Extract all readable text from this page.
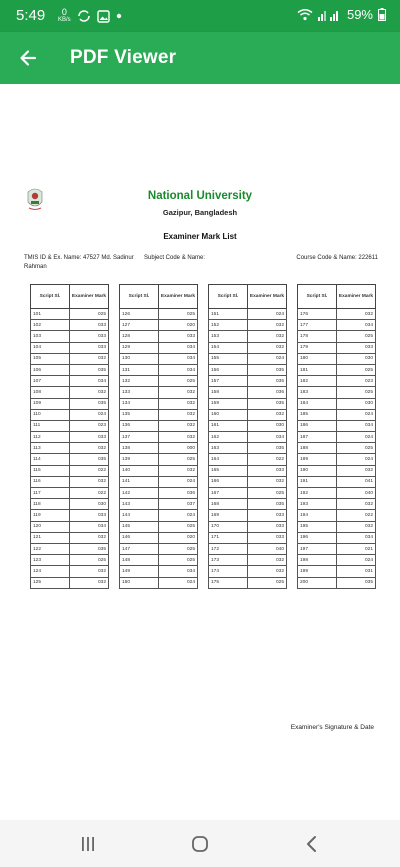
5:49 0
KB/s	59%
PDF Viewer
National University
Gazipur, Bangladesh
Examiner Mark List
TMIS ID & Ex. Name: 47527 Md. Sadinur Rahman
Subject Code & Name:	Course Code & Name: 222611
Script Sl.	Examiner Mark
101	025
102	033
103	033
104	033
105	032
106	035
107	034
108	032
109	035
110	024
111	023
112	033
113	032
114	035
115	022
116	032
117	022
118	030
119	033
120	034
121	032
122	035
123	025
124	032
125	032
Script Sl.	Examiner Mark
126	025
127	020
128	033
129	034
130	034
131	034
132	025
133	032
134	032
135	032
136	032
137	032
138	000
139	025
140	032
141	024
142	036
143	037
144	024
145	025
146	020
147	025
148	025
149	034
150	024
Script Sl.	Examiner Mark
151	024
152	032
153	032
154	032
155	024
156	035
157	035
158	036
159	035
160	032
161	030
162	034
163	035
164	022
165	033
166	032
167	025
168	035
169	033
170	033
171	033
172	040
173	032
174	032
175	025
Script Sl.	Examiner Mark
176	032
177	034
178	025
179	033
180	030
181	025
182	023
183	025
184	030
185	024
186	034
187	024
188	025
189	024
190	032
191	041
192	040
193	032
194	022
195	032
196	034
197	021
198	024
199	031
200	035
Examiner's Signature & Date
